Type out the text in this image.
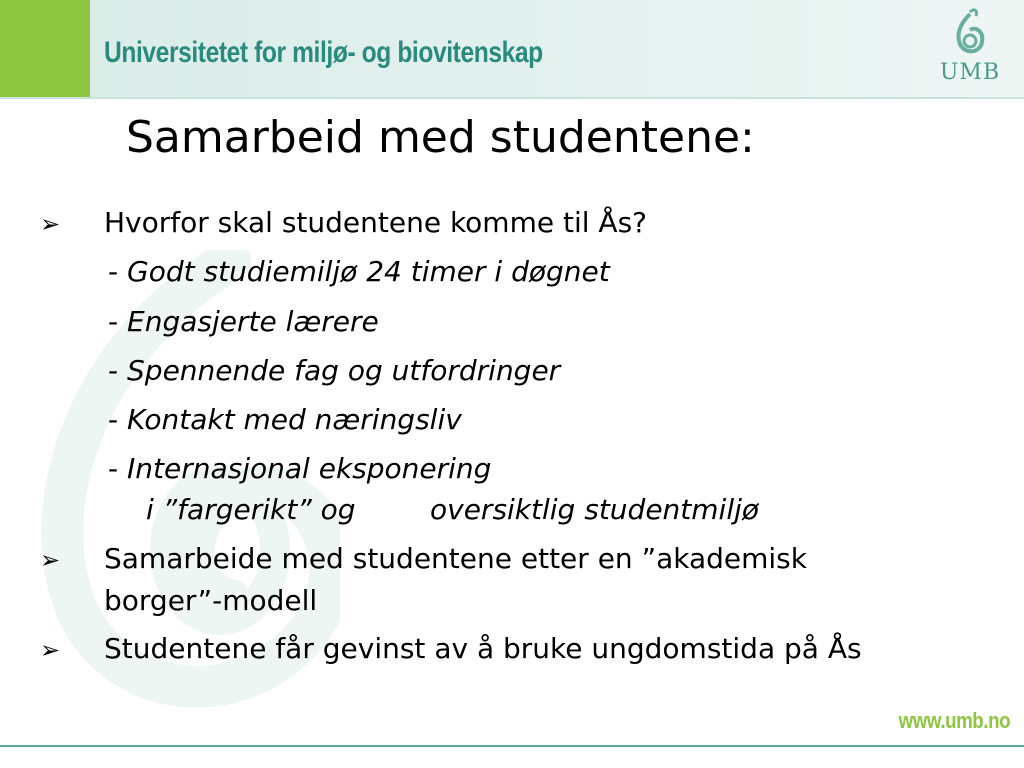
Universitetet for miljø- og biovitenskap
UMB
Samarbeid med studentene:
➢ Hvorfor skal studentene komme til Ås?
- Godt studiemiljø 24 timer i døgnet
- Engasjerte lærere
- Spennende fag og utfordringer
- Kontakt med næringsliv
- Internasjonal eksponering
i ”fargerikt” og	oversiktlig studentmiljø
➢ Samarbeide med studentene etter en ”akademisk
borger”-modell
➢ Studentene får gevinst av å bruke ungdomstida på Ås
www.umb.no
